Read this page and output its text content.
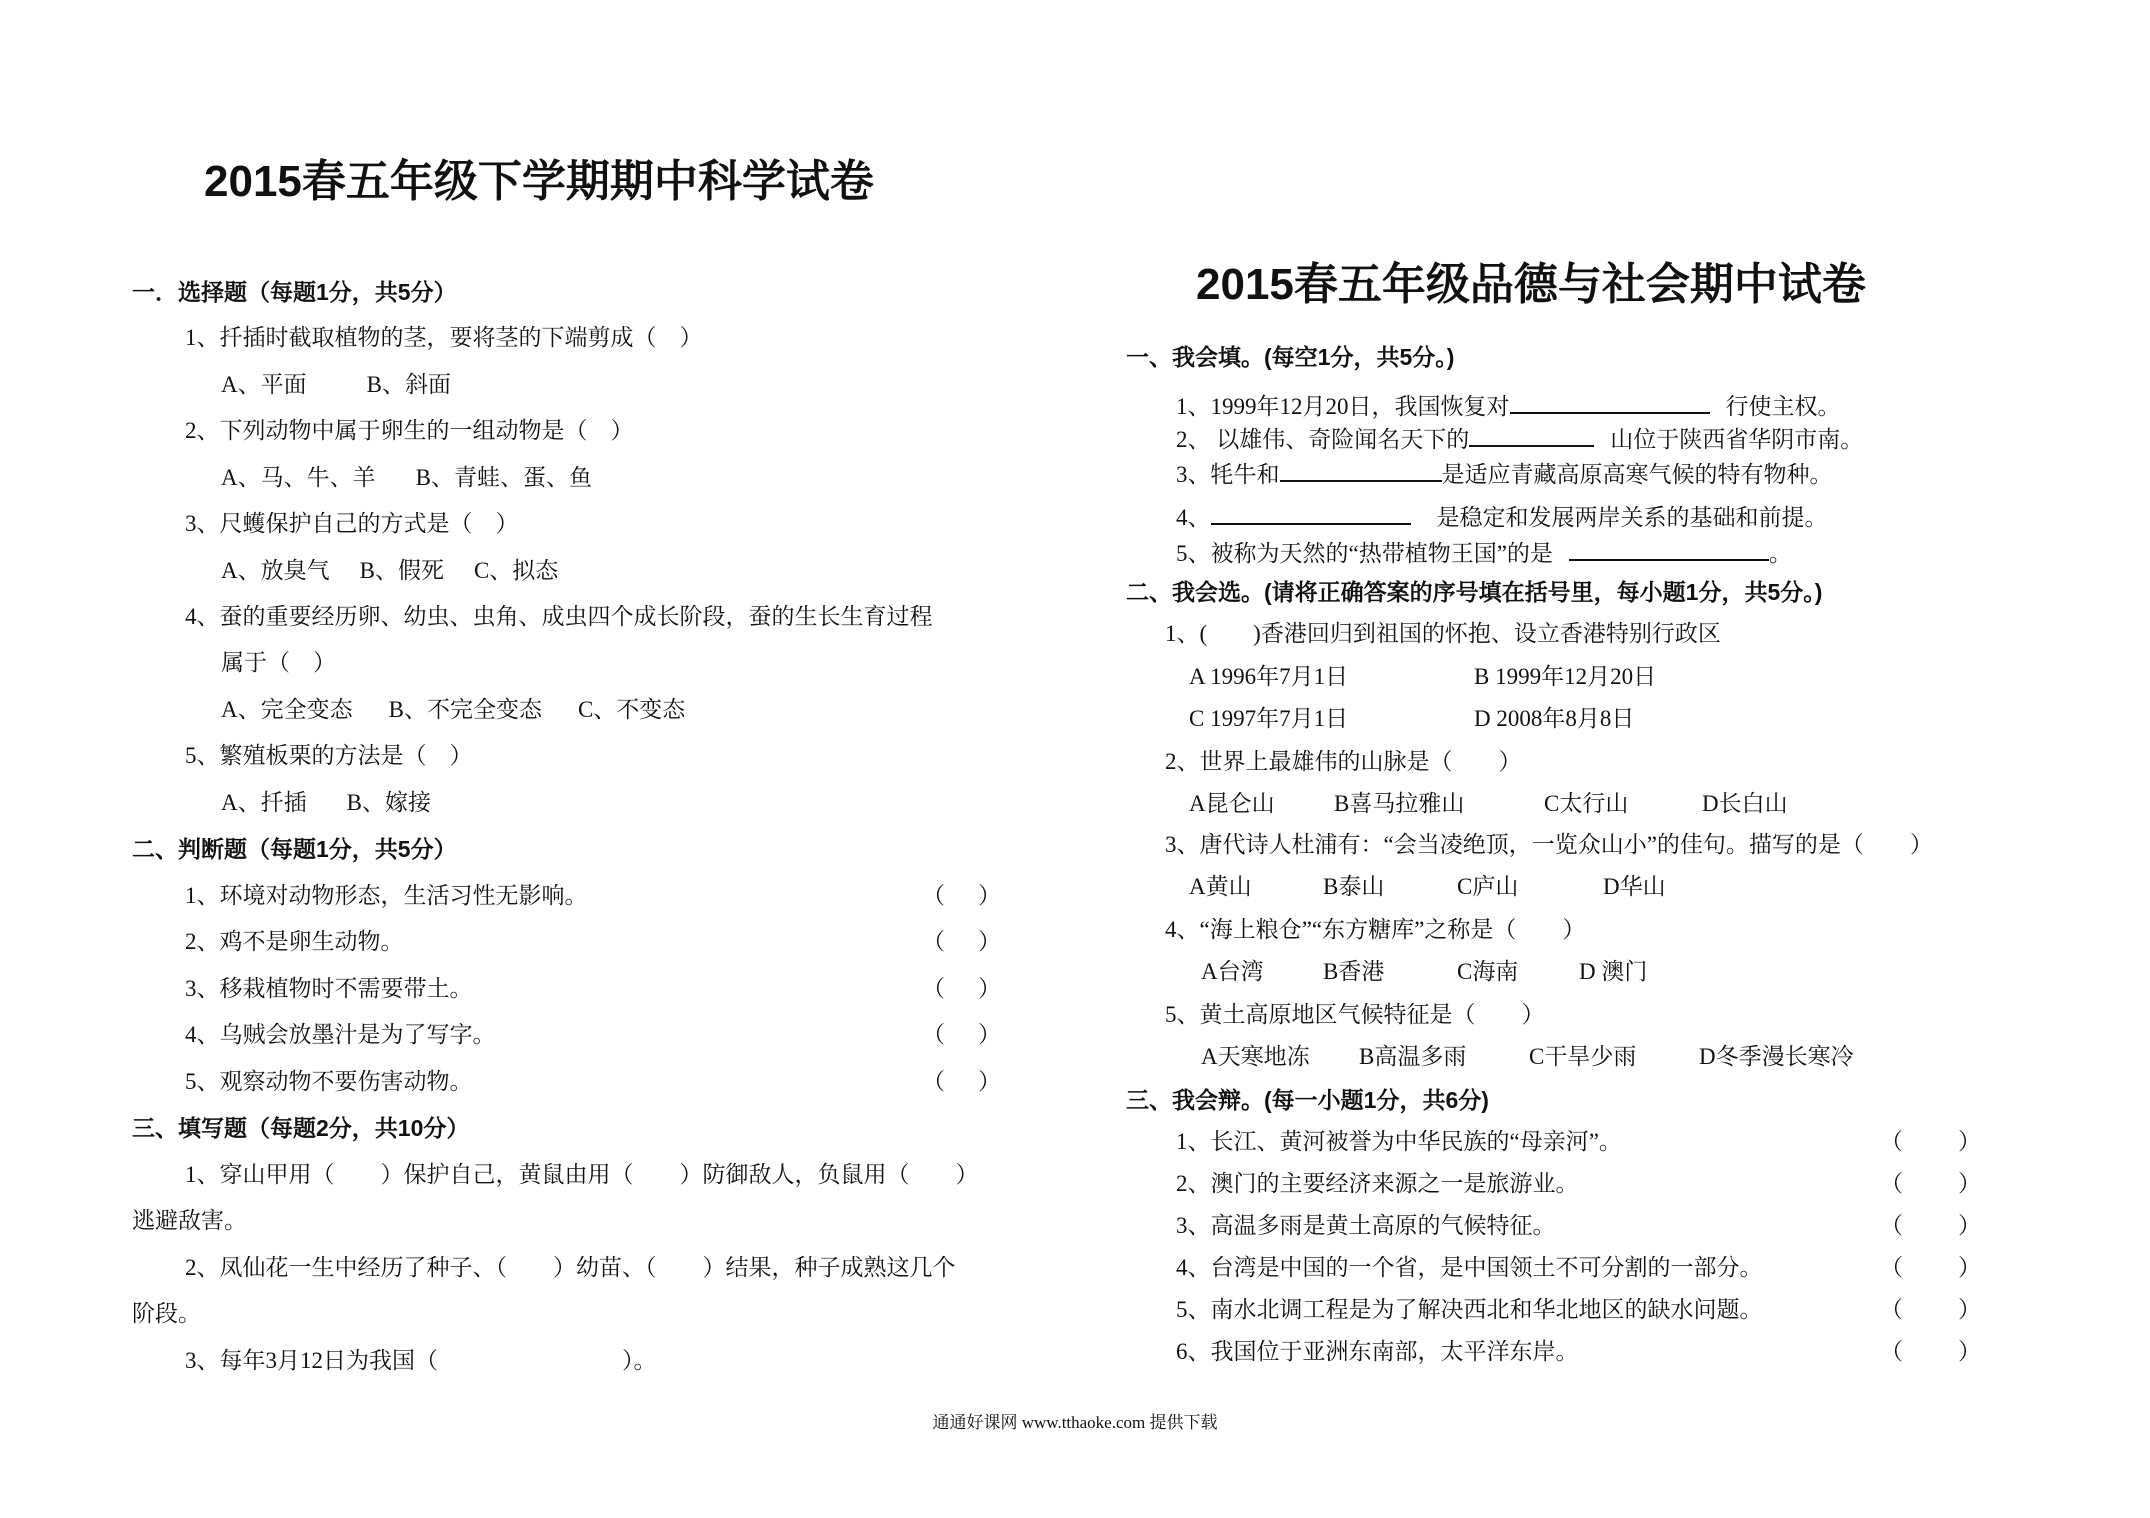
2015春五年级下学期期中科学试卷
一．选择题（每题1分，共5分）
1、扦插时截取植物的茎，要将茎的下端剪成（　）
A、平面	B、斜面
2、下列动物中属于卵生的一组动物是（　）
A、马、牛、羊 B、青蛙、蛋、鱼
3、尺蠖保护自己的方式是（　）
A、放臭气 B、假死 C、拟态
4、蚕的重要经历卵、幼虫、虫角、成虫四个成长阶段，蚕的生长生育过程
属于（　）
A、完全变态 B、不完全变态 C、不变态
5、繁殖板栗的方法是（　）
A、扦插 B、嫁接
二、判断题（每题1分，共5分）
1、环境对动物形态，生活习性无影响。
2、鸡不是卵生动物。
3、移栽植物时不需要带土。
4、乌贼会放墨汁是为了写字。
5、观察动物不要伤害动物。
（ ）
（ ）
（ ）
（ ）
（ ）
三、填写题（每题2分，共10分）
1、穿山甲用（　　）保护自己，黄鼠由用（　　）防御敌人，负鼠用（　　）
逃避敌害。
2、凤仙花一生中经历了种子、（　　）幼苗、（　　）结果，种子成熟这几个
阶段。
3、每年3月12日为我国（　　　　　　　　）。
2015春五年级品德与社会期中试卷
一、我会填。(每空1分，共5分。)
1、1999年12月20日，我国恢复对	行使主权。
2、 以雄伟、奇险闻名天下的	山位于陕西省华阴市南。
3、牦牛和	是适应青藏高原高寒气候的特有物种。
4、	是稳定和发展两岸关系的基础和前提。
5、被称为天然的“热带植物王国”的是	。
二、我会选。(请将正确答案的序号填在括号里，每小题1分，共5分。)
1、(　　)香港回归到祖国的怀抱、设立香港特别行政区
A 1996年7月1日	B 1999年12月20日
C 1997年7月1日	D 2008年8月8日
2、世界上最雄伟的山脉是（　　）
A昆仑山	B喜马拉雅山	C太行山	D长白山
3、唐代诗人杜浦有：“会当凌绝顶，一览众山小”的佳句。描写的是（　　）
A黄山	B泰山	C庐山	D华山
4、“海上粮仓”“东方糖库”之称是（　　）
A台湾	B香港	C海南	D 澳门
5、黄土高原地区气候特征是（　　）
A天寒地冻 B高温多雨	C干旱少雨	D冬季漫长寒冷
三、我会辩。(每一小题1分，共6分)
1、长江、黄河被誉为中华民族的“母亲河”。
2、澳门的主要经济来源之一是旅游业。
3、高温多雨是黄土高原的气候特征。
4、台湾是中国的一个省，是中国领土不可分割的一部分。
5、南水北调工程是为了解决西北和华北地区的缺水问题。
6、我国位于亚洲东南部，太平洋东岸。
（ ）
（ ）
（ ）
（ ）
（ ）
（ ）
通通好课网 www.tthaoke.com 提供下载
